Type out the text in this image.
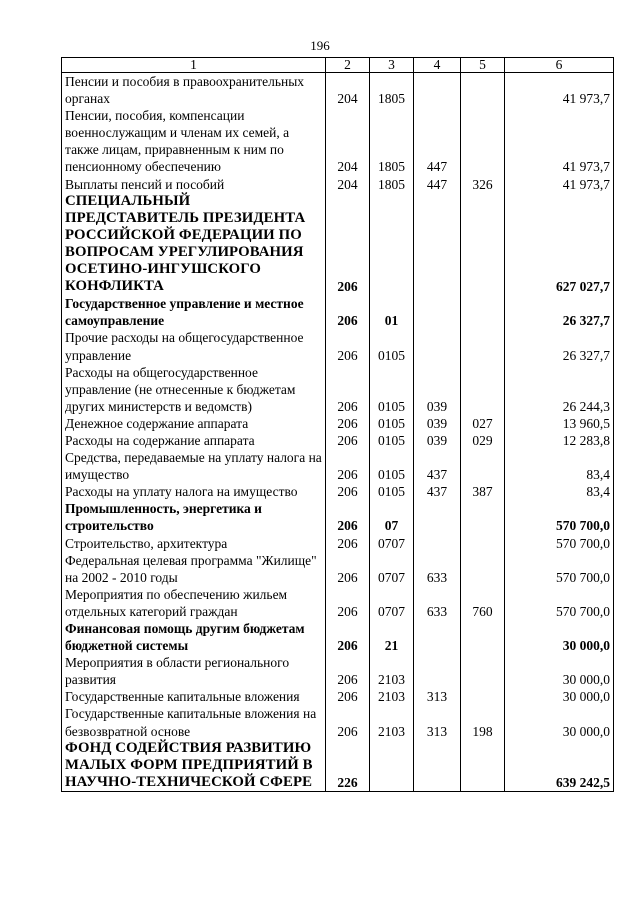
196
1	2	3	4	5	6
Пенсии и пособия в правоохранительных органах	204	1805			41 973,7
Пенсии, пособия, компенсации военнослужащим и членам их семей, а также лицам, приравненным к ним по пенсионному обеспечению	204	1805	447		41 973,7
Выплаты пенсий и пособий	204	1805	447	326	41 973,7
СПЕЦИАЛЬНЫЙ ПРЕДСТАВИТЕЛЬ ПРЕЗИДЕНТА РОССИЙСКОЙ ФЕДЕРАЦИИ ПО ВОПРОСАМ УРЕГУЛИРОВАНИЯ ОСЕТИНО-ИНГУШСКОГО КОНФЛИКТА	206				627 027,7
Государственное управление и местное самоуправление	206	01			26 327,7
Прочие расходы на общегосударственное управление	206	0105			26 327,7
Расходы на общегосударственное управление (не отнесенные к бюджетам других министерств и ведомств)	206	0105	039		26 244,3
Денежное содержание аппарата	206	0105	039	027	13 960,5
Расходы на содержание аппарата	206	0105	039	029	12 283,8
Средства, передаваемые на уплату налога на имущество	206	0105	437		83,4
Расходы на уплату налога на имущество	206	0105	437	387	83,4
Промышленность, энергетика и строительство	206	07			570 700,0
Строительство, архитектура	206	0707			570 700,0
Федеральная целевая программа "Жилище" на 2002 - 2010 годы	206	0707	633		570 700,0
Мероприятия по обеспечению жильем отдельных категорий граждан	206	0707	633	760	570 700,0
Финансовая помощь другим бюджетам бюджетной системы	206	21			30 000,0
Мероприятия в области регионального развития	206	2103			30 000,0
Государственные капитальные вложения	206	2103	313		30 000,0
Государственные капитальные вложения на безвозвратной основе	206	2103	313	198	30 000,0
ФОНД СОДЕЙСТВИЯ РАЗВИТИЮ МАЛЫХ ФОРМ ПРЕДПРИЯТИЙ В НАУЧНО-ТЕХНИЧЕСКОЙ СФЕРЕ	226				639 242,5
